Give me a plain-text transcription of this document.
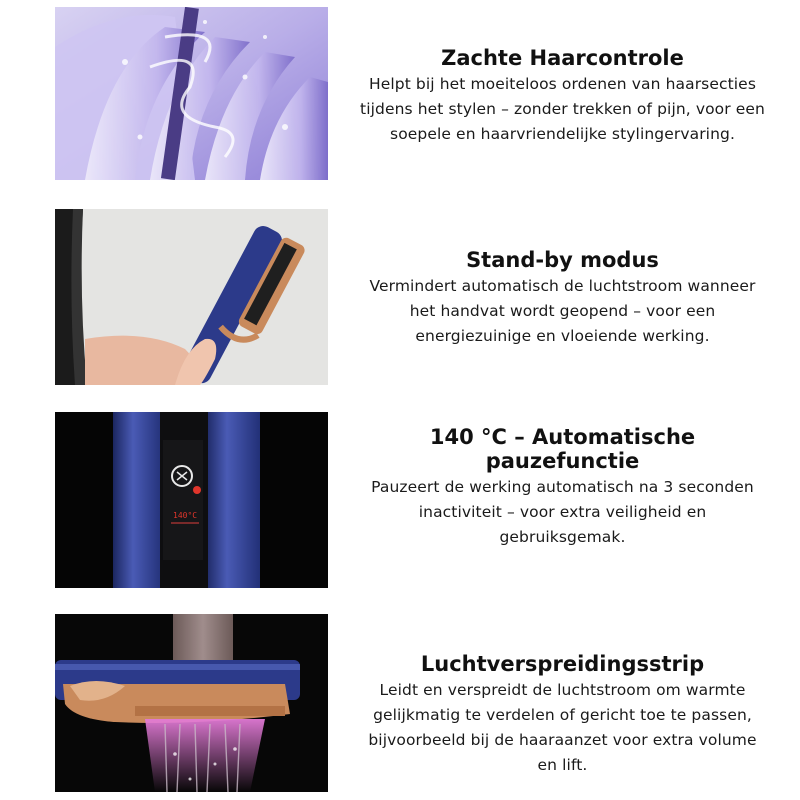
Zachte Haarcontrole

Helpt bij het moeiteloos ordenen van haarsecties tijdens het stylen – zonder trekken of pijn, voor een soepele en haarvriendelijke stylingervaring.

Stand-by modus

Vermindert automatisch de luchtstroom wanneer het handvat wordt geopend – voor een energiezuinige en vloeiende werking.

140°C

140 °C – Automatische pauzefunctie

Pauzeert de werking automatisch na 3 seconden inactiviteit – voor extra veiligheid en gebruiksgemak.

Luchtverspreidingsstrip

Leidt en verspreidt de luchtstroom om warmte gelijkmatig te verdelen of gericht toe te passen, bijvoorbeeld bij de haaraanzet voor extra volume en lift.
